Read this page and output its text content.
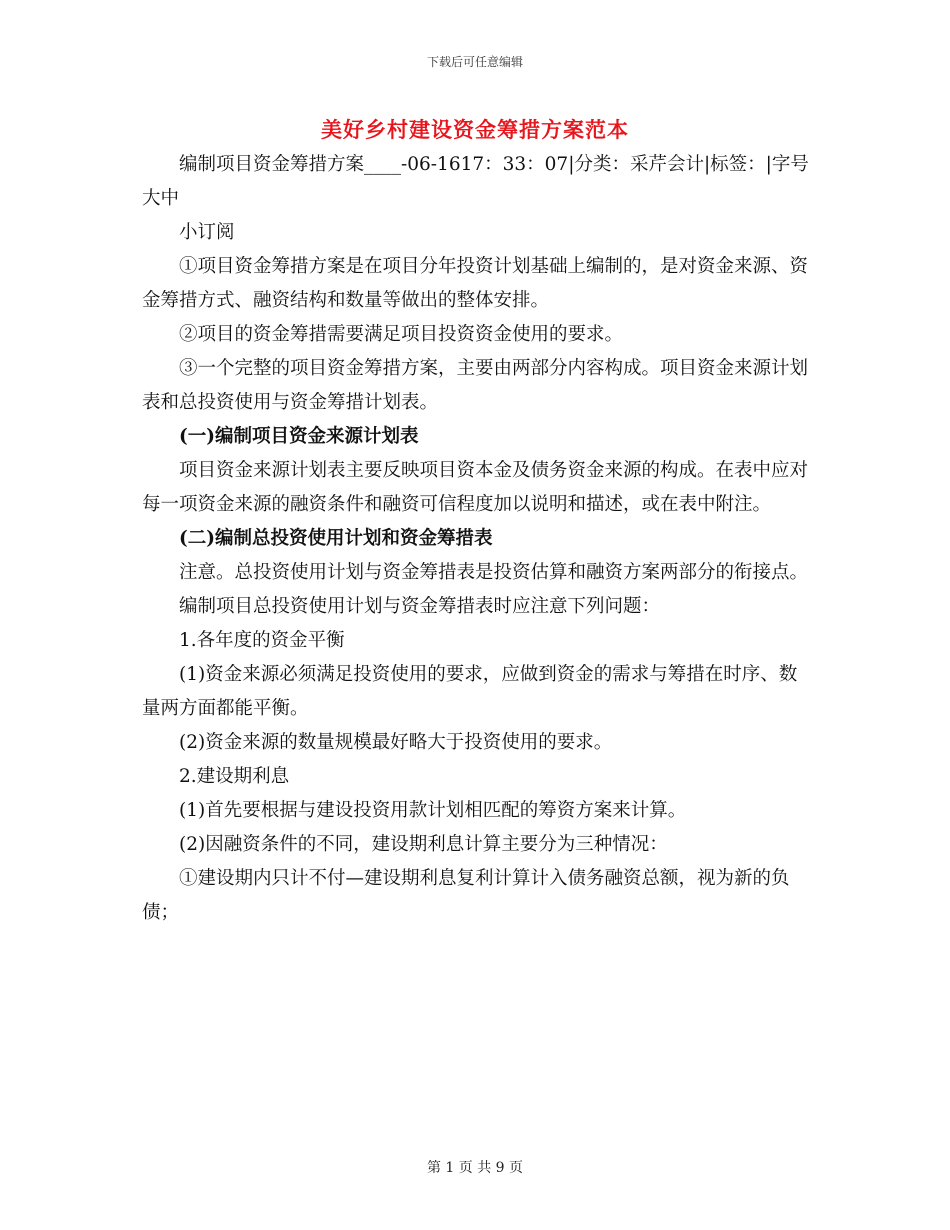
下载后可任意编辑
美好乡村建设资金筹措方案范本

编制项目资金筹措方案____-06-1617：33：07|分类：采芹会计|标签：|字号大中

小订阅

①项目资金筹措方案是在项目分年投资计划基础上编制的，是对资金来源、资金筹措方式、融资结构和数量等做出的整体安排。

②项目的资金筹措需要满足项目投资资金使用的要求。

③一个完整的项目资金筹措方案，主要由两部分内容构成。项目资金来源计划表和总投资使用与资金筹措计划表。

(一)编制项目资金来源计划表

项目资金来源计划表主要反映项目资本金及债务资金来源的构成。在表中应对每一项资金来源的融资条件和融资可信程度加以说明和描述，或在表中附注。

(二)编制总投资使用计划和资金筹措表

注意。总投资使用计划与资金筹措表是投资估算和融资方案两部分的衔接点。

编制项目总投资使用计划与资金筹措表时应注意下列问题：

1.各年度的资金平衡

(1)资金来源必须满足投资使用的要求，应做到资金的需求与筹措在时序、数量两方面都能平衡。

(2)资金来源的数量规模最好略大于投资使用的要求。

2.建设期利息

(1)首先要根据与建设投资用款计划相匹配的筹资方案来计算。

(2)因融资条件的不同，建设期利息计算主要分为三种情况：

①建设期内只计不付—建设期利息复利计算计入债务融资总额，视为新的负债；

第 1 页 共 9 页
